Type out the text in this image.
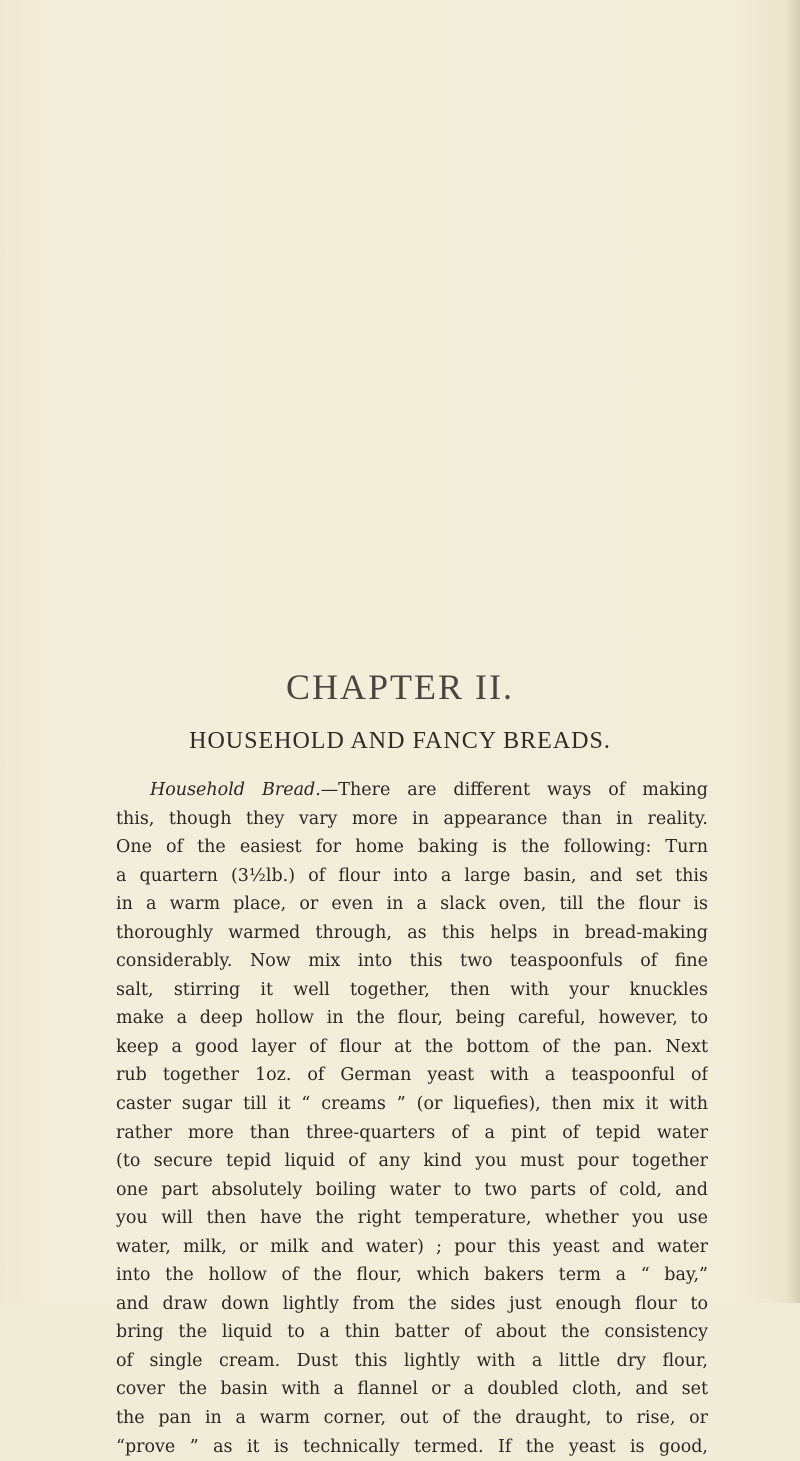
CHAPTER II.
HOUSEHOLD AND FANCY BREADS.
Household Bread.—There are different ways of making
this, though they vary more in appearance than in reality.
One of the easiest for home baking is the following: Turn
a quartern (3½lb.) of flour into a large basin, and set this
in a warm place, or even in a slack oven, till the flour is
thoroughly warmed through, as this helps in bread-making
considerably. Now mix into this two teaspoonfuls of fine
salt, stirring it well together, then with your knuckles
make a deep hollow in the flour, being careful, however, to
keep a good layer of flour at the bottom of the pan. Next
rub together 1oz. of German yeast with a teaspoonful of
caster sugar till it “ creams ” (or liquefies), then mix it with
rather more than three-quarters of a pint of tepid water
(to secure tepid liquid of any kind you must pour together
one part absolutely boiling water to two parts of cold, and
you will then have the right temperature, whether you use
water, milk, or milk and water) ; pour this yeast and water
into the hollow of the flour, which bakers term a “ bay,”
and draw down lightly from the sides just enough flour to
bring the liquid to a thin batter of about the consistency
of single cream. Dust this lightly with a little dry flour,
cover the basin with a flannel or a doubled cloth, and set
the pan in a warm corner, out of the draught, to rise, or
“prove ” as it is technically termed. If the yeast is good,
